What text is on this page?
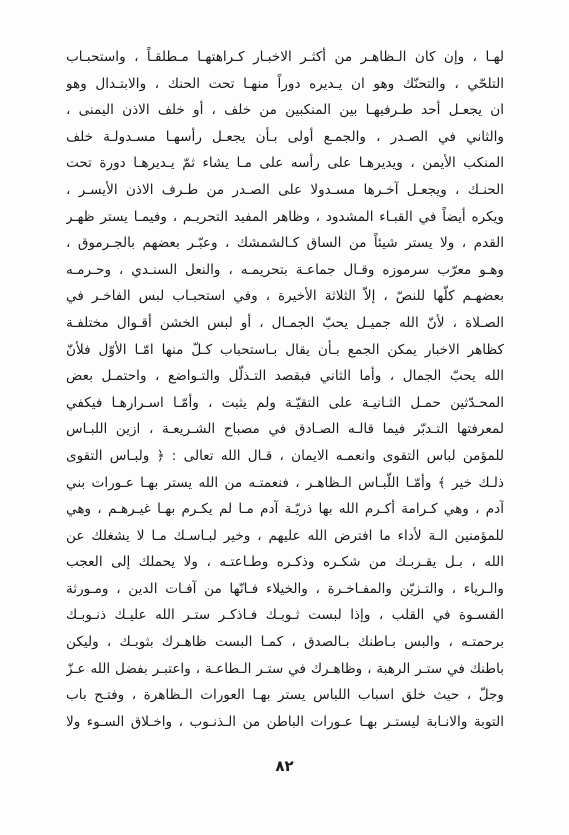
لهـا ، وإن كان الـظاهـر من أكثـر الاخبـار كـراهتهـا مـطلقـاً ، واستحبـاب
التلحّي ، والتحنّك وهو ان يـديره دوراً منهـا تحت الحنك ، والابتـدال وهو
ان يجعـل أحد طـرفيهـا بين المنكبين من خلف ، أو خلف الاذن اليمنى ،
والثاني في الصـدر ، والجمـع أولى بـأن يجعـل رأسهـا مسـدولـة خلف
المنكب الأيمن ، ويديرهـا على رأسه على مـا يشاء ثمّ يـديرهـا دورة تحت
الحنـك ، ويجعـل آخـرها مسـدولا على الصـدر من طـرف الاذن الأيسـر ،
ويكره أيضاً في القبـاء المشدود ، وظاهر المفيد التحريـم ، وفيمـا يستر ظهـر
القدم ، ولا يستر شيئاً من الساق كـالشمشك ، وعبّـر بعضهم بالجـرموق ،
وهـو معرّب سرموزه وقـال جماعـة بتحريمـه ، والنعل السنـدي ، وحـرمـه
بعضهـم كلّها للنصّ ، إلاّ الثلاثة الأخيرة ، وفي استحبـاب لبس الفاخـر في
الصـلاة ، لأنّ الله جميـل يحبّ الجمـال ، أو لبس الخشن أقـوال مختلفـة
كظاهر الاخبار يمكن الجمع بـأن يقال بـاستحباب كـلّ منها امّـا الأوّل فلأنّ
الله يحبّ الجمال ، وأما الثاني فبقصد التـذلّل والتـواضع ، واحتمـل بعض
المحـدّثين حمـل الثـانيـة على التقيّـة ولم يثبت ، وأمّـا اسـرارهـا فيكفي
لمعرفتها التـدبّر فيما قالـه الصـادق في مصباح الشـريعـة ، ازين اللبـاس
للمؤمن لباس التقوى وانعمـه الايمان ، قـال الله تعالى : ﴿ ولبـاس التقوى
ذلـك خير ﴾ وأمّـا اللّبـاس الـظاهـر ، فنعمتـه من الله يستر بهـا عـورات بني
آدم ، وهي كـرامة أكـرم الله بها ذريّـة آدم مـا لم يكـرم بهـا غيـرهـم ، وهي
للمؤمنين الـة لأداء ما افترض الله عليهم ، وخير لبـاسـك مـا لا يشغلك عن
الله ، بـل يقـربـك من شكـره وذكـره وطـاعتـه ، ولا يحملك إلى العجب
والـرياء ، والتـزيّن والمفـاخـرة ، والخيلاء فـانّها من آفـات الدين ، ومـورثة
القسـوة في القلب ، وإذا لبست ثـوبـك فـاذكـر ستـر الله عليـك ذنـوبـك
برحمتـه ، والبس بـاطنك بـالصدق ، كمـا البست ظاهـرك بثوبـك ، وليكن
باطنك في ستـر الرهبة ، وظاهـرك في ستـر الـطاعـة ، واعتبـر بفضل الله عـزّ
وجلّ ، حيث خلق اسباب اللباس يستر بهـا العورات الـظاهرة ، وفتـح باب
التوبة والانـابة ليستـر بهـا عـورات الباطن من الـذنـوب ، واخـلاق السـوء ولا
٨٢
